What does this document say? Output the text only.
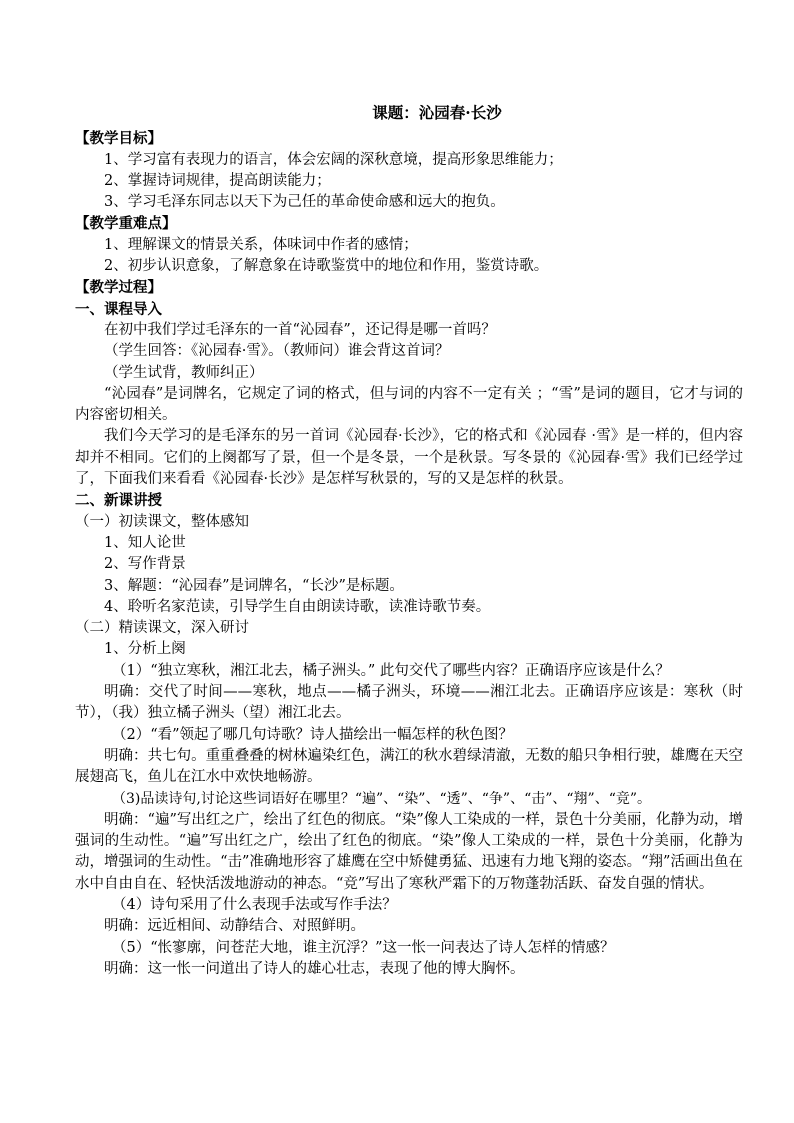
课题：沁园春·长沙
【教学目标】
1、学习富有表现力的语言，体会宏阔的深秋意境，提高形象思维能力；
2、掌握诗词规律，提高朗读能力；
3、学习毛泽东同志以天下为己任的革命使命感和远大的抱负。
【教学重难点】
1、理解课文的情景关系，体味词中作者的感情；
2、初步认识意象，了解意象在诗歌鉴赏中的地位和作用，鉴赏诗歌。
【教学过程】
一、课程导入
在初中我们学过毛泽东的一首“沁园春”，还记得是哪一首吗？
（学生回答：《沁园春·雪》。（教师问）谁会背这首词？
（学生试背，教师纠正）
“沁园春”是词牌名，它规定了词的格式，但与词的内容不一定有关 ；“雪”是词的题目，它才与词的内容密切相关。
我们今天学习的是毛泽东的另一首词《沁园春·长沙》，它的格式和《沁园春 ·雪》是一样的，但内容却并不相同。它们的上阕都写了景，但一个是冬景，一个是秋景。写冬景的《沁园春·雪》我们已经学过了，下面我们来看看《沁园春·长沙》是怎样写秋景的，写的又是怎样的秋景。
二、新课讲授
（一）初读课文，整体感知
1、知人论世
2、写作背景
3、解题：“沁园春”是词牌名，“长沙”是标题。
4、聆听名家范读，引导学生自由朗读诗歌，读准诗歌节奏。
（二）精读课文，深入研讨
1、分析上阕
（1）“独立寒秋，湘江北去，橘子洲头。” 此句交代了哪些内容？正确语序应该是什么？
明确：交代了时间——寒秋，地点——橘子洲头，环境——湘江北去。正确语序应该是：寒秋（时节），（我）独立橘子洲头（望）湘江北去。
（2）“看”领起了哪几句诗歌？诗人描绘出一幅怎样的秋色图？
明确：共七句。重重叠叠的树林遍染红色，满江的秋水碧绿清澈，无数的船只争相行驶，雄鹰在天空展翅高飞，鱼儿在江水中欢快地畅游。
（3)品读诗句,讨论这些词语好在哪里？“遍”、“染”、“透”、“争”、“击”、“翔”、“竞”。
明确：“遍”写出红之广，绘出了红色的彻底。“染”像人工染成的一样，景色十分美丽，化静为动，增强词的生动性。“遍”写出红之广，绘出了红色的彻底。“染”像人工染成的一样，景色十分美丽，化静为动，增强词的生动性。“击”准确地形容了雄鹰在空中矫健勇猛、迅速有力地飞翔的姿态。“翔”活画出鱼在水中自由自在、轻快活泼地游动的神态。“竞”写出了寒秋严霜下的万物蓬勃活跃、奋发自强的情状。
（4）诗句采用了什么表现手法或写作手法？
明确：远近相间、动静结合、对照鲜明。
（5）“怅寥廓，问苍茫大地，谁主沉浮？”这一怅一问表达了诗人怎样的情感？
明确：这一怅一问道出了诗人的雄心壮志，表现了他的博大胸怀。
